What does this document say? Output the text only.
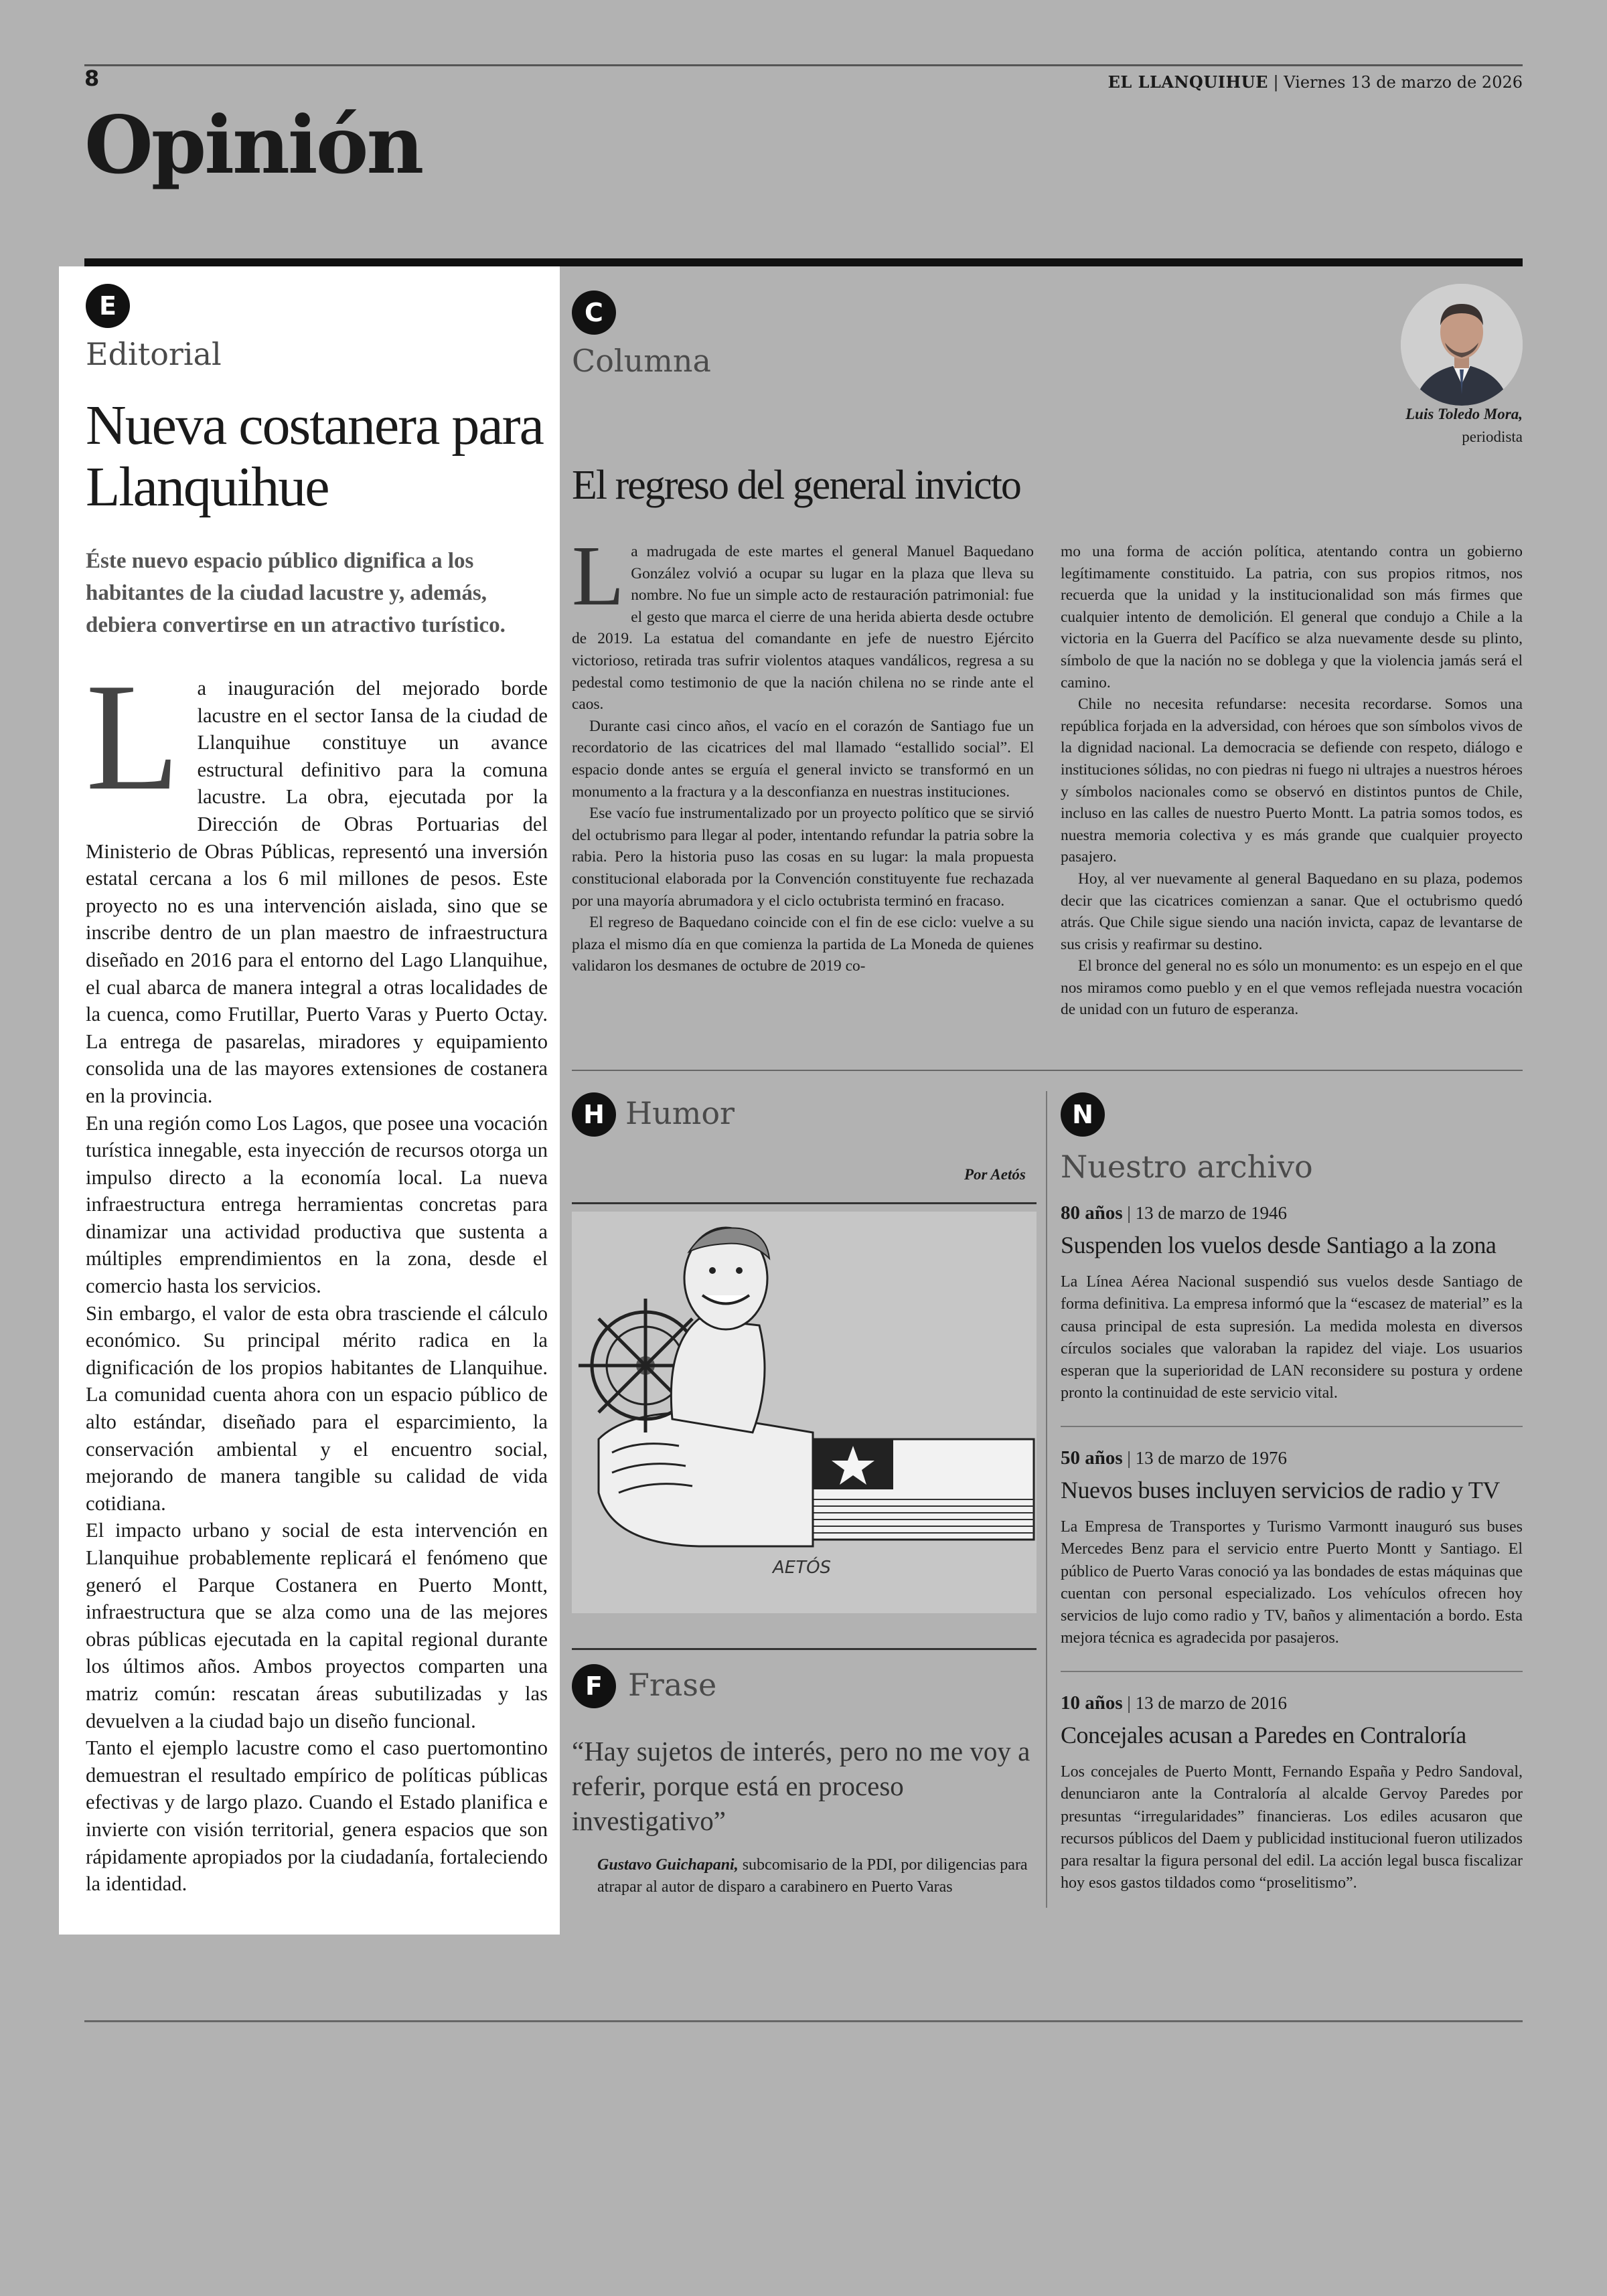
8	EL LLANQUIHUE | Viernes 13 de marzo de 2026
Opinión
E
Editorial
Nueva costanera para Llanquihue
Éste nuevo espacio público dignifica a los habitantes de la ciudad lacustre y, además, debiera convertirse en un atractivo turístico.
L a inauguración del mejorado borde lacustre en el sector Iansa de la ciudad de Llanquihue constituye un avance estructural definitivo para la comuna lacustre. La obra, ejecutada por la Dirección de Obras Portuarias del Ministerio de Obras Públicas, representó una inversión estatal cercana a los 6 mil millones de pesos. Este proyecto no es una intervención aislada, sino que se inscribe dentro de un plan maestro de infraestructura diseñado en 2016 para el entorno del Lago Llanquihue, el cual abarca de manera integral a otras localidades de la cuenca, como Frutillar, Puerto Varas y Puerto Octay. La entrega de pasarelas, miradores y equipamiento consolida una de las mayores extensiones de costanera en la provincia.

En una región como Los Lagos, que posee una vocación turística innegable, esta inyección de recursos otorga un impulso directo a la economía local. La nueva infraestructura entrega herramientas concretas para dinamizar una actividad productiva que sustenta a múltiples emprendimientos en la zona, desde el comercio hasta los servicios.

Sin embargo, el valor de esta obra trasciende el cálculo económico. Su principal mérito radica en la dignificación de los propios habitantes de Llanquihue. La comunidad cuenta ahora con un espacio público de alto estándar, diseñado para el esparcimiento, la conservación ambiental y el encuentro social, mejorando de manera tangible su calidad de vida cotidiana.

El impacto urbano y social de esta intervención en Llanquihue probablemente replicará el fenómeno que generó el Parque Costanera en Puerto Montt, infraestructura que se alza como una de las mejores obras públicas ejecutada en la capital regional durante los últimos años. Ambos proyectos comparten una matriz común: rescatan áreas subutilizadas y las devuelven a la ciudad bajo un diseño funcional.

Tanto el ejemplo lacustre como el caso puertomontino demuestran el resultado empírico de políticas públicas efectivas y de largo plazo. Cuando el Estado planifica e invierte con visión territorial, genera espacios que son rápidamente apropiados por la ciudadanía, fortaleciendo la identidad.

C
Columna
Luis Toledo Mora,
periodista
El regreso del general invicto
L a madrugada de este martes el general Manuel Baquedano González volvió a ocupar su lugar en la plaza que lleva su nombre. No fue un simple acto de restauración patrimonial: fue el gesto que marca el cierre de una herida abierta desde octubre de 2019. La estatua del comandante en jefe de nuestro Ejército victorioso, retirada tras sufrir violentos ataques vandálicos, regresa a su pedestal como testimonio de que la nación chilena no se rinde ante el caos.

Durante casi cinco años, el vacío en el corazón de Santiago fue un recordatorio de las cicatrices del mal llamado “estallido social”. El espacio donde antes se erguía el general invicto se transformó en un monumento a la fractura y a la desconfianza en nuestras instituciones.

Ese vacío fue instrumentalizado por un proyecto político que se sirvió del octubrismo para llegar al poder, intentando refundar la patria sobre la rabia. Pero la historia puso las cosas en su lugar: la mala propuesta constitucional elaborada por la Convención constituyente fue rechazada por una mayoría abrumadora y el ciclo octubrista terminó en fracaso.

El regreso de Baquedano coincide con el fin de ese ciclo: vuelve a su plaza el mismo día en que comienza la partida de La Moneda de quienes validaron los desmanes de octubre de 2019 co-

mo una forma de acción política, atentando contra un gobierno legítimamente constituido. La patria, con sus propios ritmos, nos recuerda que la unidad y la institucionalidad son más firmes que cualquier intento de demolición. El general que condujo a Chile a la victoria en la Guerra del Pacífico se alza nuevamente desde su plinto, símbolo de que la nación no se doblega y que la violencia jamás será el camino.

Chile no necesita refundarse: necesita recordarse. Somos una república forjada en la adversidad, con héroes que son símbolos vivos de la dignidad nacional. La democracia se defiende con respeto, diálogo e instituciones sólidas, no con piedras ni fuego ni ultrajes a nuestros héroes y símbolos nacionales como se observó en distintos puntos de Chile, incluso en las calles de nuestro Puerto Montt. La patria somos todos, es nuestra memoria colectiva y es más grande que cualquier proyecto pasajero.

Hoy, al ver nuevamente al general Baquedano en su plaza, podemos decir que las cicatrices comienzan a sanar. Que el octubrismo quedó atrás. Que Chile sigue siendo una nación invicta, capaz de levantarse de sus crisis y reafirmar su destino.

El bronce del general no es sólo un monumento: es un espejo en el que nos miramos como pueblo y en el que vemos reflejada nuestra vocación de unidad con un futuro de esperanza.

H Humor
Por Aetós
AETÓS
F Frase
“Hay sujetos de interés, pero no me voy a referir, porque está en proceso investigativo”
Gustavo Guichapani, subcomisario de la PDI, por diligencias para atrapar al autor de disparo a carabinero en Puerto Varas
N
Nuestro archivo
80 años | 13 de marzo de 1946
Suspenden los vuelos desde Santiago a la zona
La Línea Aérea Nacional suspendió sus vuelos desde Santiago de forma definitiva. La empresa informó que la “escasez de material” es la causa principal de esta supresión. La medida molesta en diversos círculos sociales que valoraban la rapidez del viaje. Los usuarios esperan que la superioridad de LAN reconsidere su postura y ordene pronto la continuidad de este servicio vital.
50 años | 13 de marzo de 1976
Nuevos buses incluyen servicios de radio y TV
La Empresa de Transportes y Turismo Varmontt inauguró sus buses Mercedes Benz para el servicio entre Puerto Montt y Santiago. El público de Puerto Varas conoció ya las bondades de estas máquinas que cuentan con personal especializado. Los vehículos ofrecen hoy servicios de lujo como radio y TV, baños y alimentación a bordo. Esta mejora técnica es agradecida por pasajeros.
10 años | 13 de marzo de 2016
Concejales acusan a Paredes en Contraloría
Los concejales de Puerto Montt, Fernando España y Pedro Sandoval, denunciaron ante la Contraloría al alcalde Gervoy Paredes por presuntas “irregularidades” financieras. Los ediles acusaron que recursos públicos del Daem y publicidad institucional fueron utilizados para resaltar la figura personal del edil. La acción legal busca fiscalizar hoy esos gastos tildados como “proselitismo”.
